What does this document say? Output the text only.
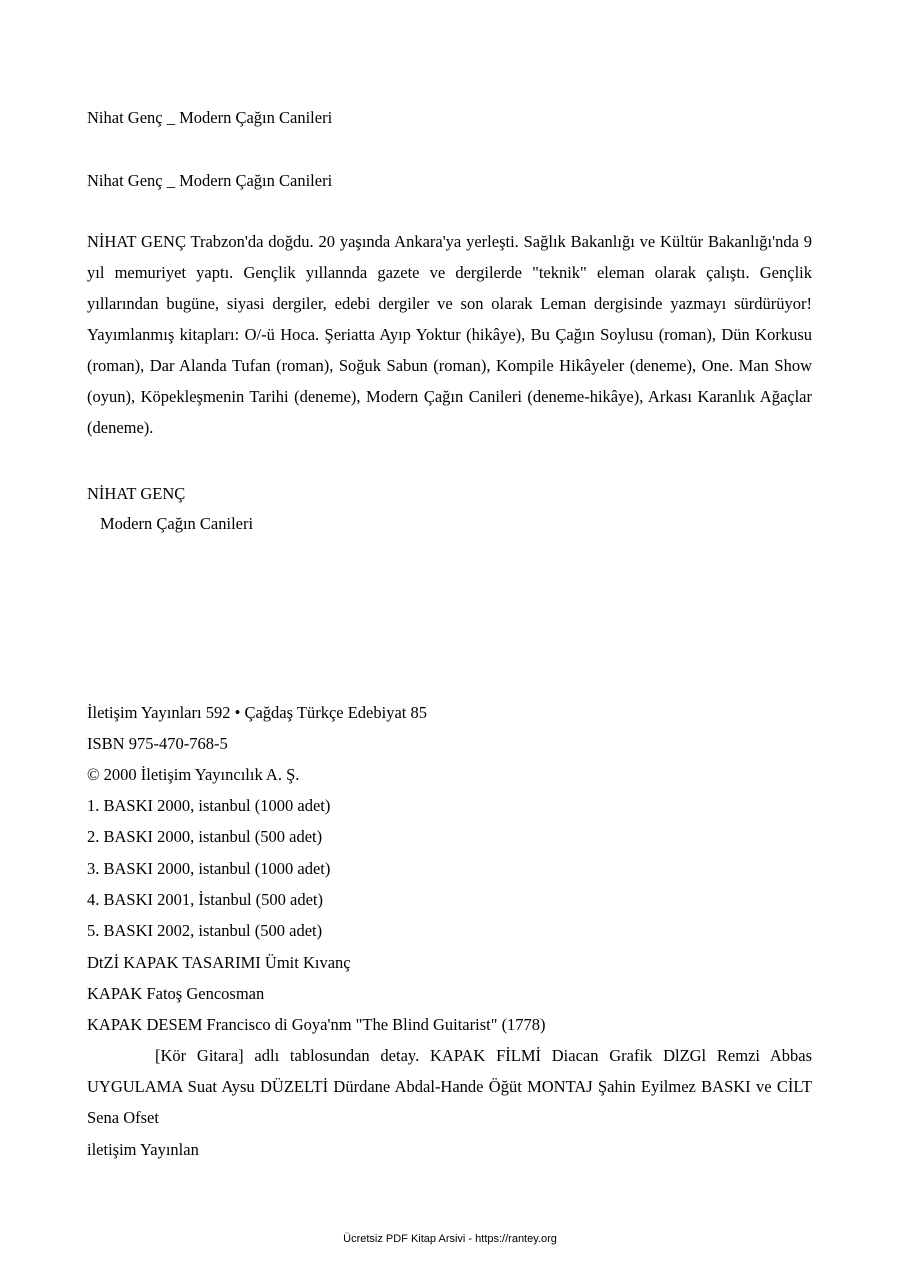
Nihat Genç _ Modern Çağın Canileri
Nihat Genç _ Modern Çağın Canileri
NİHAT GENÇ Trabzon'da doğdu. 20 yaşında Ankara'ya yerleşti. Sağlık Bakanlığı ve Kültür Bakanlığı'nda 9 yıl memuriyet yaptı. Gençlik yıllannda gazete ve dergilerde "teknik" eleman olarak çalıştı. Gençlik yıllarından bugüne, siyasi dergiler, edebi dergiler ve son olarak Leman dergisinde yazmayı sürdürüyor! Yayımlanmış kitapları: O/-ü Hoca. Şeriatta Ayıp Yoktur (hikâye), Bu Çağın Soylusu (roman), Dün Korkusu (roman), Dar Alanda Tufan (roman), Soğuk Sabun (roman), Kompile Hikâyeler (deneme), One. Man Show (oyun), Köpekleşmenin Tarihi (deneme), Modern Çağın Canileri (deneme-hikâye), Arkası Karanlık Ağaçlar (deneme).
NİHAT GENÇ
Modern Çağın Canileri
İletişim Yayınları 592 • Çağdaş Türkçe Edebiyat 85
ISBN 975-470-768-5
© 2000 İletişim Yayıncılık A. Ş.
1. BASKI 2000, istanbul (1000 adet)
2. BASKI 2000, istanbul (500 adet)
3. BASKI 2000, istanbul (1000 adet)
4. BASKI 2001, İstanbul (500 adet)
5. BASKI 2002, istanbul (500 adet)
DtZİ KAPAK TASARIMI Ümit Kıvanç
KAPAK Fatoş Gencosman
KAPAK DESEM Francisco di Goya'nm "The Blind Guitarist" (1778)
[Kör Gitara] adlı tablosundan detay. KAPAK FİLMİ Diacan Grafik DlZGl Remzi Abbas UYGULAMA Suat Aysu DÜZELTİ Dürdane Abdal-Hande Öğüt MONTAJ Şahin Eyilmez BASKI ve CİLT Sena Ofset
iletişim Yayınlan
Ücretsiz PDF Kitap Arsivi - https://rantey.org
